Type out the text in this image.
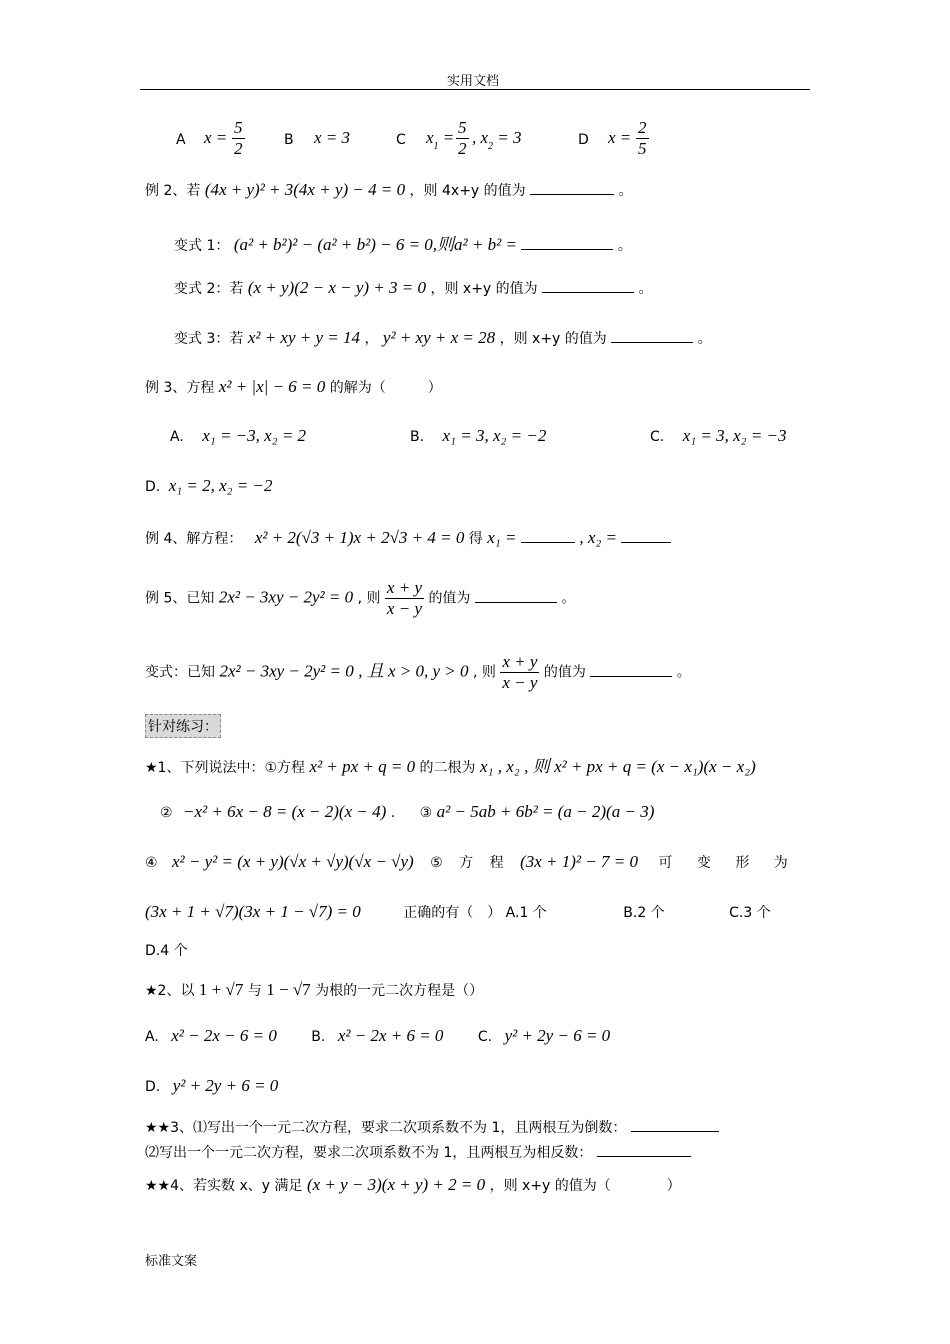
实用文档
A $x = \frac{5}{2}$	B x = 3	C $x_1 = \frac{5}{2}$ , $x_2 = 3$	D $x = \frac{2}{5}$
例 2、若 (4x + y)² + 3(4x + y) − 4 = 0 ，则 4x+y 的值为	。
变式 1： (a² + b²)² − (a² + b²) − 6 = 0,则a² + b² =	。
变式 2：若 (x + y)(2 − x − y) + 3 = 0 ，则 x+y 的值为	。
变式 3：若 x² + xy + y = 14 ， y² + xy + x = 28 ，则 x+y 的值为	。
例 3、方程 x² + |x| − 6 = 0 的解为（　　　）
A. x₁ = −3, x₂ = 2	B. x₁ = 3, x₂ = −2	C. x₁ = 3, x₂ = −3
D. x₁ = 2, x₂ = −2
例 4、解方程： x² + 2(√3 + 1)x + 2√3 + 4 = 0 得 x₁ =	, x₂ =
例 5、已知 2x² − 3xy − 2y² = 0 , 则 $\frac{x + y}{x - y}$ 的值为	。
变式：已知 2x² − 3xy − 2y² = 0 , 且 x > 0, y > 0 , 则 $\frac{x + y}{x - y}$ 的值为	。
针对练习：
★1、下列说法中：①方程 x² + px + q = 0 的二根为 x₁ , x₂ , 则 x² + px + q = (x − x₁)(x − x₂)
② −x² + 6x − 8 = (x − 2)(x − 4) . ③ a² − 5ab + 6b² = (a − 2)(a − 3)
④ x² − y² = (x + y)(√x + √y)(√x − √y) ⑤ 方 程 (3x + 1)² − 7 = 0 可 变 形 为
(3x + 1 + √7)(3x + 1 − √7) = 0	正确的有（　） A.1 个	B.2 个	C.3 个
D.4 个
★2、以 1 + √7 与 1 − √7 为根的一元二次方程是（）
A. x² − 2x − 6 = 0 B. x² − 2x + 6 = 0 C. y² + 2y − 6 = 0
D. y² + 2y + 6 = 0
★★3、⑴写出一个一元二次方程，要求二次项系数不为 1，且两根互为倒数：
⑵写出一个一元二次方程，要求二次项系数不为 1，且两根互为相反数：
★★4、若实数 x、y 满足 (x + y − 3)(x + y) + 2 = 0 ，则 x+y 的值为（　　　　）
标准文案
